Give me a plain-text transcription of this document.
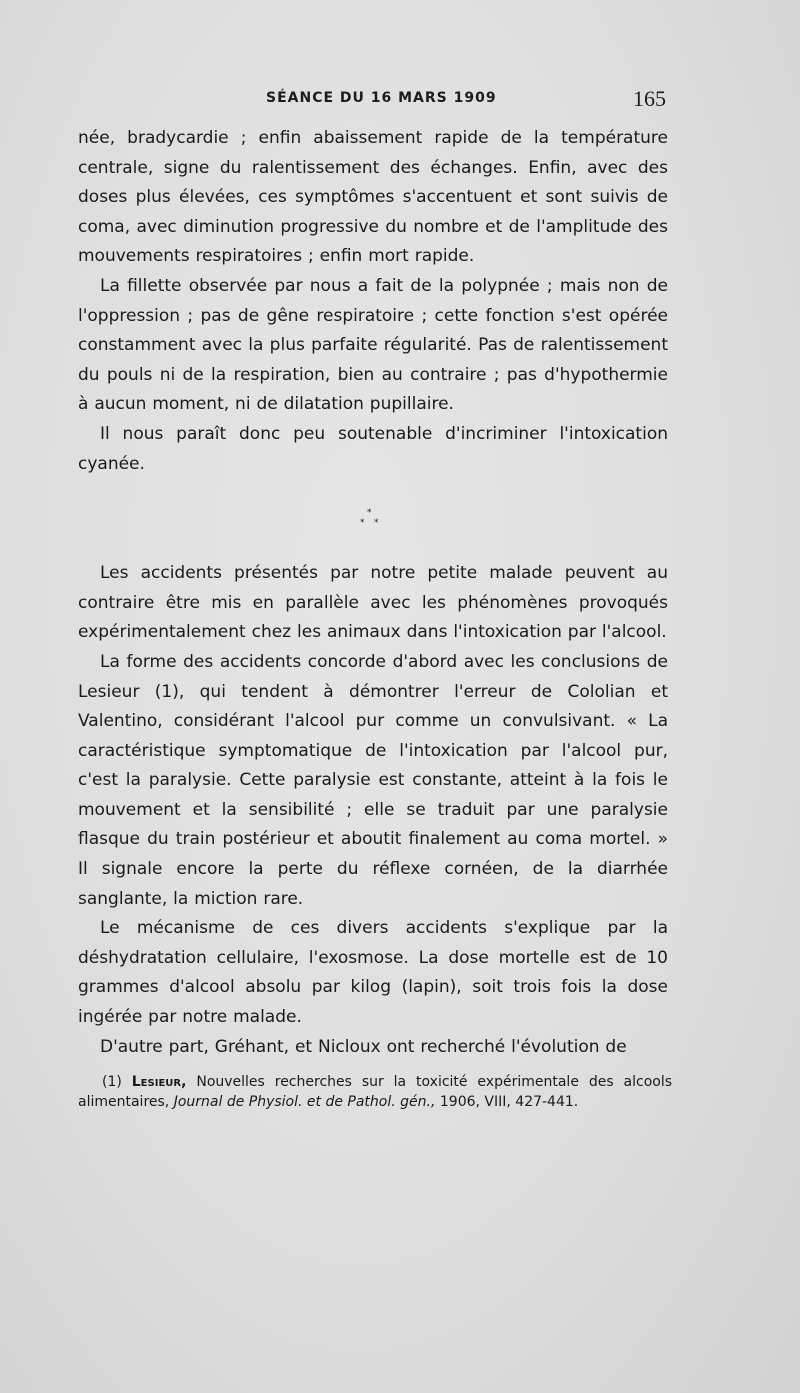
SÉANCE DU 16 MARS 1909	165

née, bradycardie ; enfin abaissement rapide de la température centrale, signe du ralentissement des échanges. Enfin, avec des doses plus élevées, ces symptômes s'accentuent et sont suivis de coma, avec diminution progressive du nombre et de l'amplitude des mouvements respiratoires ; enfin mort rapide.

La fillette observée par nous a fait de la polypnée ; mais non de l'oppression ; pas de gêne respiratoire ; cette fonction s'est opérée constamment avec la plus parfaite régularité. Pas de ralentissement du pouls ni de la respiration, bien au contraire ; pas d'hypothermie à aucun moment, ni de dilatation pupillaire.

Il nous paraît donc peu soutenable d'incriminer l'intoxication cyanée.

*
* *

Les accidents présentés par notre petite malade peuvent au contraire être mis en parallèle avec les phénomènes provoqués expérimentalement chez les animaux dans l'intoxication par l'alcool.

La forme des accidents concorde d'abord avec les conclusions de Lesieur (1), qui tendent à démontrer l'erreur de Cololian et Valentino, considérant l'alcool pur comme un convulsivant. « La caractéristique symptomatique de l'intoxication par l'alcool pur, c'est la paralysie. Cette paralysie est constante, atteint à la fois le mouvement et la sensibilité ; elle se traduit par une paralysie flasque du train postérieur et aboutit finalement au coma mortel. » Il signale encore la perte du réflexe cornéen, de la diarrhée sanglante, la miction rare.

Le mécanisme de ces divers accidents s'explique par la déshydratation cellulaire, l'exosmose. La dose mortelle est de 10 grammes d'alcool absolu par kilog (lapin), soit trois fois la dose ingérée par notre malade.

D'autre part, Gréhant, et Nicloux ont recherché l'évolution de

(1) Lesieur, Nouvelles recherches sur la toxicité expérimentale des alcools alimentaires, Journal de Physiol. et de Pathol. gén., 1906, VIII, 427-441.
